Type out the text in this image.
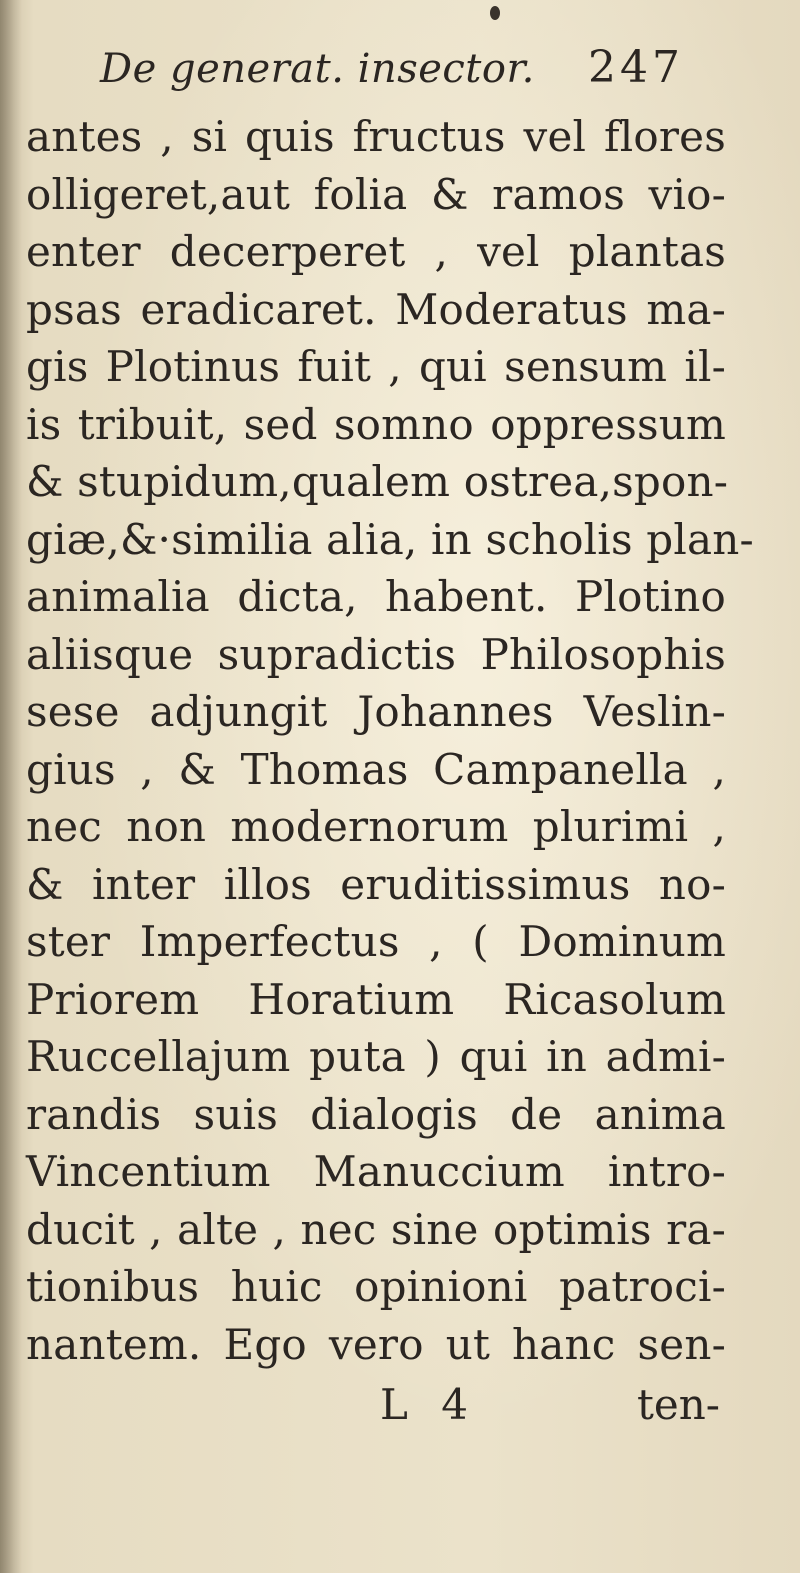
De generat. insector. 247
antes , si quis fructus vel flores
olligeret,aut folia & ramos vio-
enter decerperet , vel plantas
psas eradicaret. Moderatus ma-
gis Plotinus fuit , qui sensum il-
is tribuit, sed somno oppressum
& stupidum,qualem ostrea,spon-
giæ,&·similia alia, in scholis plan-
animalia dicta, habent. Plotino
aliisque supradictis Philosophis
sese adjungit Johannes Veslin-
gius , & Thomas Campanella ,
nec non modernorum plurimi ,
& inter illos eruditissimus no-
ster Imperfectus , ( Dominum
Priorem Horatium Ricasolum
Ruccellajum puta ) qui in admi-
randis suis dialogis de anima
Vincentium Manuccium intro-
ducit , alte , nec sine optimis ra-
tionibus huic opinioni patroci-
nantem. Ego vero ut hanc sen-
L 4	ten-
